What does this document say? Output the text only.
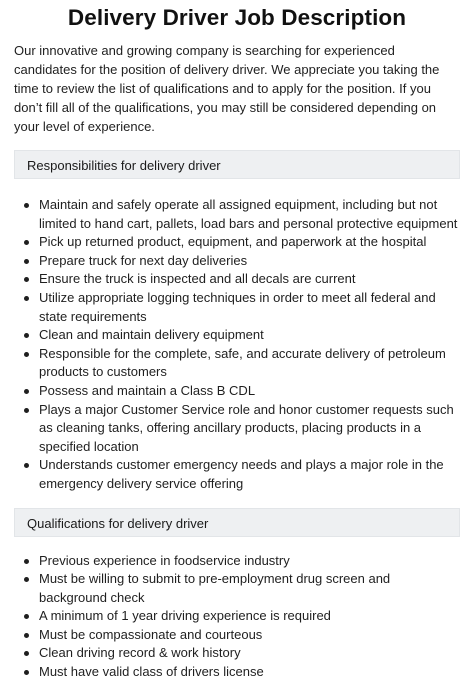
Delivery Driver Job Description

Our innovative and growing company is searching for experienced candidates for the position of delivery driver. We appreciate you taking the time to review the list of qualifications and to apply for the position. If you don’t fill all of the qualifications, you may still be considered depending on your level of experience.

Responsibilities for delivery driver
Maintain and safely operate all assigned equipment, including but not limited to hand cart, pallets, load bars and personal protective equipment
Pick up returned product, equipment, and paperwork at the hospital
Prepare truck for next day deliveries
Ensure the truck is inspected and all decals are current
Utilize appropriate logging techniques in order to meet all federal and state requirements
Clean and maintain delivery equipment
Responsible for the complete, safe, and accurate delivery of petroleum products to customers
Possess and maintain a Class B CDL
Plays a major Customer Service role and honor customer requests such as cleaning tanks, offering ancillary products, placing products in a specified location
Understands customer emergency needs and plays a major role in the emergency delivery service offering
Qualifications for delivery driver
Previous experience in foodservice industry
Must be willing to submit to pre-employment drug screen and background check
A minimum of 1 year driving experience is required
Must be compassionate and courteous
Clean driving record & work history
Must have valid class of drivers license
